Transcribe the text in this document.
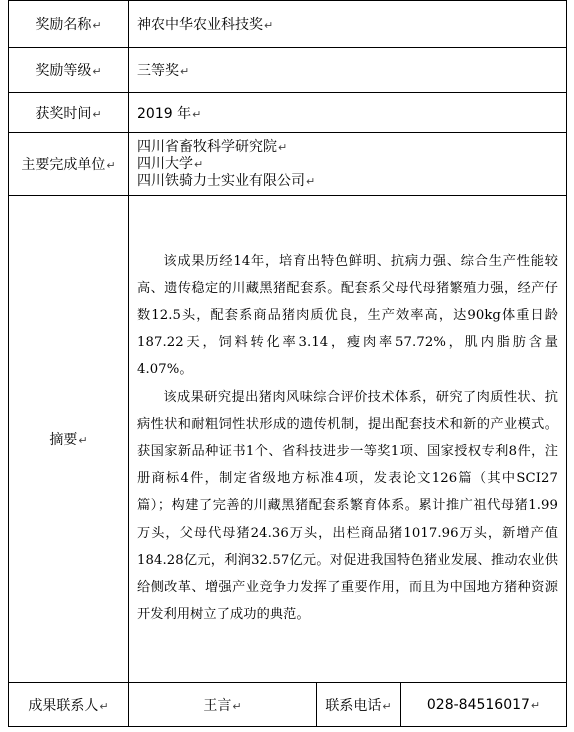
奖励名称↵	神农中华农业科技奖↵		
奖励等级↵	三等奖↵		
获奖时间↵	2019 年↵		
主要完成单位↵	四川省畜牧科学研究院↵
四川大学↵
四川铁骑力士实业有限公司↵		

摘要↵	该成果历经14年，培育出特色鲜明、抗病力强、综合生产性能较高、遗传稳定的川藏黑猪配套系。配套系父母代母猪繁殖力强，经产仔数12.5头，配套系商品猪肉质优良，生产效率高，达90kg体重日龄187.22天，饲料转化率3.14，瘦肉率57.72%，肌内脂肪含量4.07%。

该成果研究提出猪肉风味综合评价技术体系，研究了肉质性状、抗病性状和耐粗饲性状形成的遗传机制，提出配套技术和新的产业模式。获国家新品种证书1个、省科技进步一等奖1项、国家授权专利8件，注册商标4件，制定省级地方标准4项，发表论文126篇（其中SCI27篇）；构建了完善的川藏黑猪配套系繁育体系。累计推广祖代母猪1.99万头，父母代母猪24.36万头，出栏商品猪1017.96万头，新增产值184.28亿元，利润32.57亿元。对促进我国特色猪业发展、推动农业供给侧改革、增强产业竞争力发挥了重要作用，而且为中国地方猪种资源开发利用树立了成功的典范。		

成果联系人↵	王言↵	联系电话↵	028-84516017↵
